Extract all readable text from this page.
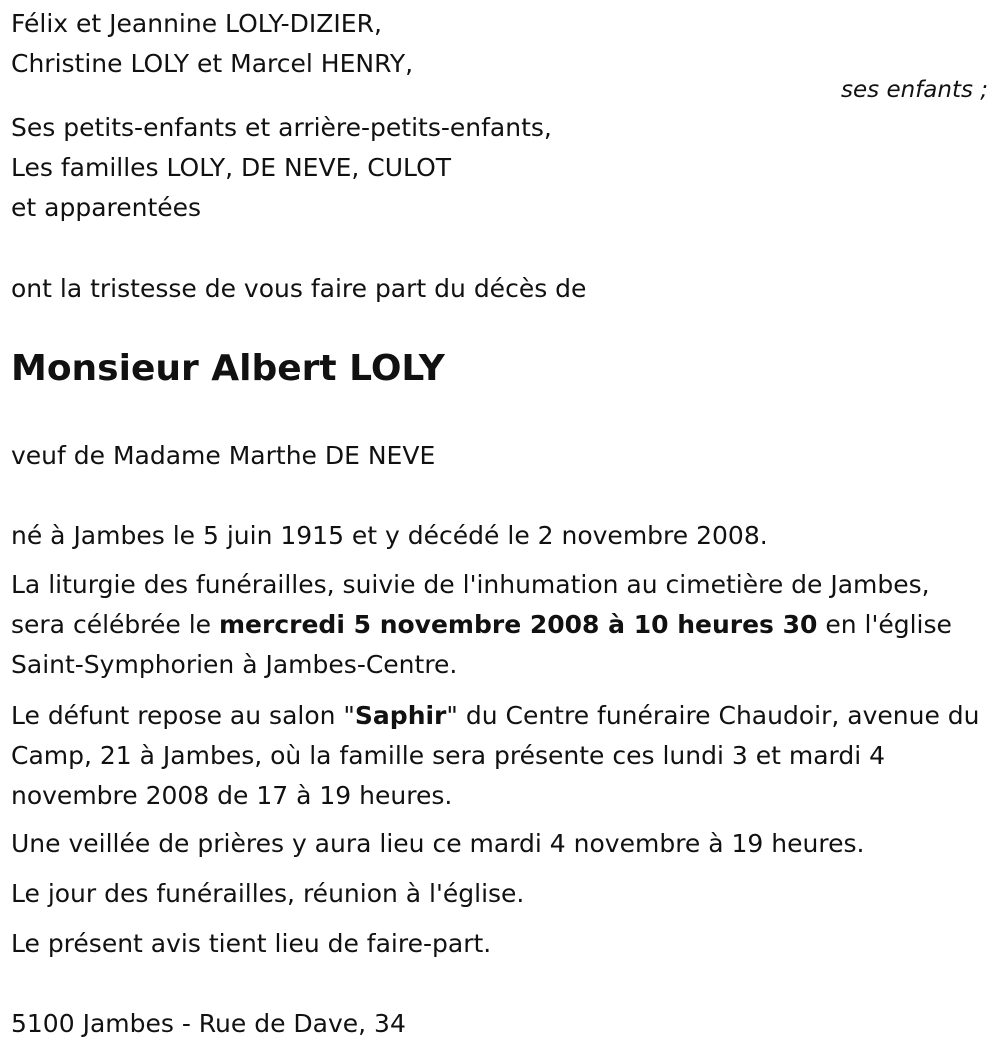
Félix et Jeannine LOLY-DIZIER,
Christine LOLY et Marcel HENRY,
ses enfants ;
Ses petits-enfants et arrière-petits-enfants,
Les familles LOLY, DE NEVE, CULOT
et apparentées
ont la tristesse de vous faire part du décès de
Monsieur Albert LOLY
veuf de Madame Marthe DE NEVE
né à Jambes le 5 juin 1915 et y décédé le 2 novembre 2008.
La liturgie des funérailles, suivie de l'inhumation au cimetière de Jambes, sera célébrée le mercredi 5 novembre 2008 à 10 heures 30 en l'église Saint-Symphorien à Jambes-Centre.
Le défunt repose au salon "Saphir" du Centre funéraire Chaudoir, avenue du Camp, 21 à Jambes, où la famille sera présente ces lundi 3 et mardi 4 novembre 2008 de 17 à 19 heures.
Une veillée de prières y aura lieu ce mardi 4 novembre à 19 heures.
Le jour des funérailles, réunion à l'église.
Le présent avis tient lieu de faire-part.
5100 Jambes - Rue de Dave, 34
